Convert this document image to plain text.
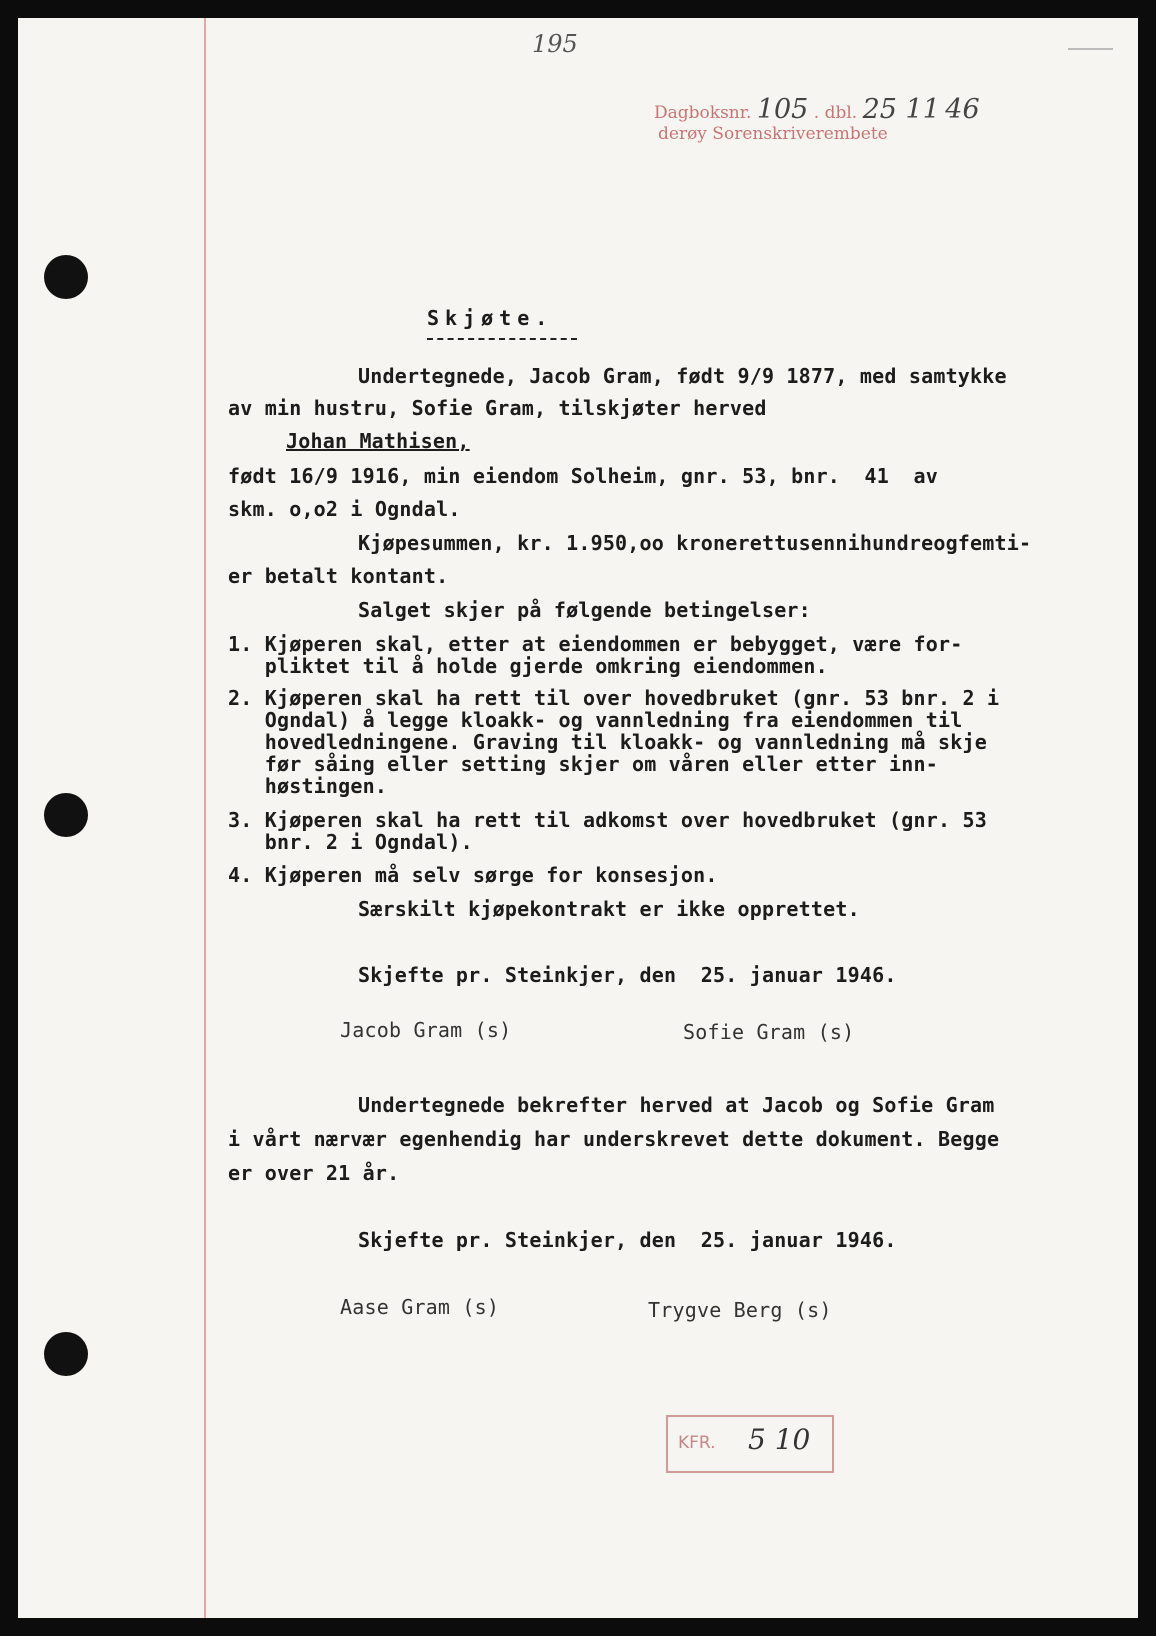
195
Dagboksnr. 105 . dbl. 25 11 46
derøy Sorenskriverembete
Skjøte.
Undertegnede, Jacob Gram, født 9/9 1877, med samtykke
av min hustru, Sofie Gram, tilskjøter herved
Johan Mathisen,
født 16/9 1916, min eiendom Solheim, gnr. 53, bnr.  41  av
skm. o,o2 i Ogndal.
Kjøpesummen, kr. 1.950,oo kronerettusennihundreogfemti-
er betalt kontant.
Salget skjer på følgende betingelser:
1. Kjøperen skal, etter at eiendommen er bebygget, være for-
pliktet til å holde gjerde omkring eiendommen.
2. Kjøperen skal ha rett til over hovedbruket (gnr. 53 bnr. 2 i
Ogndal) å legge kloakk- og vannledning fra eiendommen til
hovedledningene. Graving til kloakk- og vannledning må skje
før såing eller setting skjer om våren eller etter inn-
høstingen.
3. Kjøperen skal ha rett til adkomst over hovedbruket (gnr. 53
bnr. 2 i Ogndal).
4. Kjøperen må selv sørge for konsesjon.
Særskilt kjøpekontrakt er ikke opprettet.
Skjefte pr. Steinkjer, den  25. januar 1946.
Jacob Gram (s)	Sofie Gram (s)
Undertegnede bekrefter herved at Jacob og Sofie Gram
i vårt nærvær egenhendig har underskrevet dette dokument. Begge
er over 21 år.
Skjefte pr. Steinkjer, den  25. januar 1946.
Aase Gram (s)	Trygve Berg (s)
KFR. 5 10
